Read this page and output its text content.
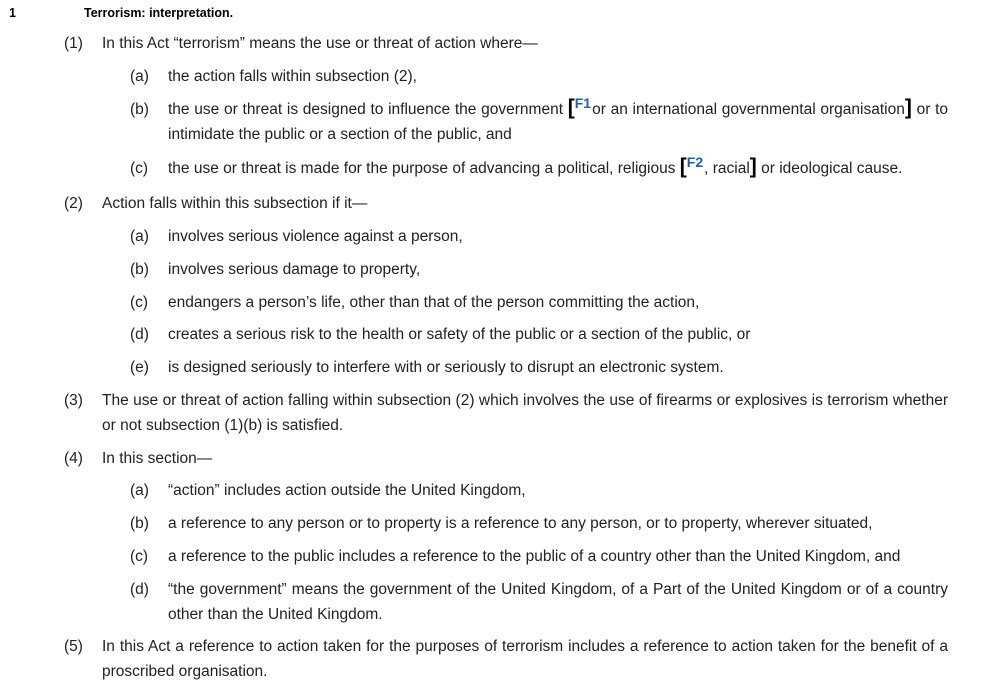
1	Terrorism: interpretation.
(1) In this Act “terrorism” means the use or threat of action where—
(a) the action falls within subsection (2),
(b) the use or threat is designed to influence the government [F1or an international governmental organisation] or to intimidate the public or a section of the public, and
(c) the use or threat is made for the purpose of advancing a political, religious [F2, racial] or ideological cause.
(2) Action falls within this subsection if it—
(a) involves serious violence against a person,
(b) involves serious damage to property,
(c) endangers a person’s life, other than that of the person committing the action,
(d) creates a serious risk to the health or safety of the public or a section of the public, or
(e) is designed seriously to interfere with or seriously to disrupt an electronic system.
(3) The use or threat of action falling within subsection (2) which involves the use of firearms or explosives is terrorism whether or not subsection (1)(b) is satisfied.
(4) In this section—
(a) “action” includes action outside the United Kingdom,
(b) a reference to any person or to property is a reference to any person, or to property, wherever situated,
(c) a reference to the public includes a reference to the public of a country other than the United Kingdom, and
(d) “the government” means the government of the United Kingdom, of a Part of the United Kingdom or of a country other than the United Kingdom.
(5) In this Act a reference to action taken for the purposes of terrorism includes a reference to action taken for the benefit of a proscribed organisation.
